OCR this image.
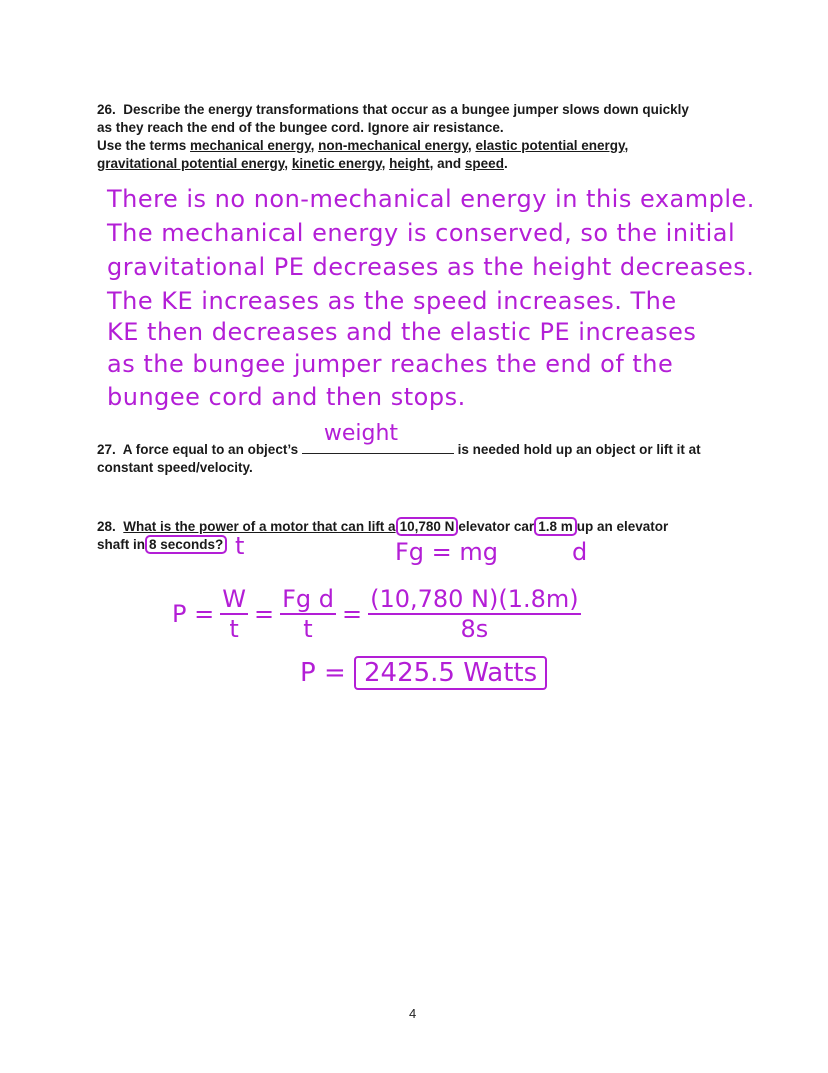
26. Describe the energy transformations that occur as a bungee jumper slows down quickly
as they reach the end of the bungee cord. Ignore air resistance.
Use the terms mechanical energy, non-mechanical energy, elastic potential energy,
gravitational potential energy, kinetic energy, height, and speed.
There is no non-mechanical energy in this example.
The mechanical energy is conserved, so the initial
gravitational PE decreases as the height decreases.
The KE increases as the speed increases. The
KE then decreases and the elastic PE increases
as the bungee jumper reaches the end of the
bungee cord and then stops.
27. A force equal to an object’s
weight
is needed hold up an object or lift it at
constant speed/velocity.
28. What is the power of a motor that can lift a 10,780 N elevator car 1.8 m up an elevator
shaft in 8 seconds? t	Fg = mg	d
$P = \frac{W}{t} = \frac{\text{Fg d}}{t} = \frac{(10,780 N)(1.8m)}{8s}$
P = 2425.5 Watts
4
